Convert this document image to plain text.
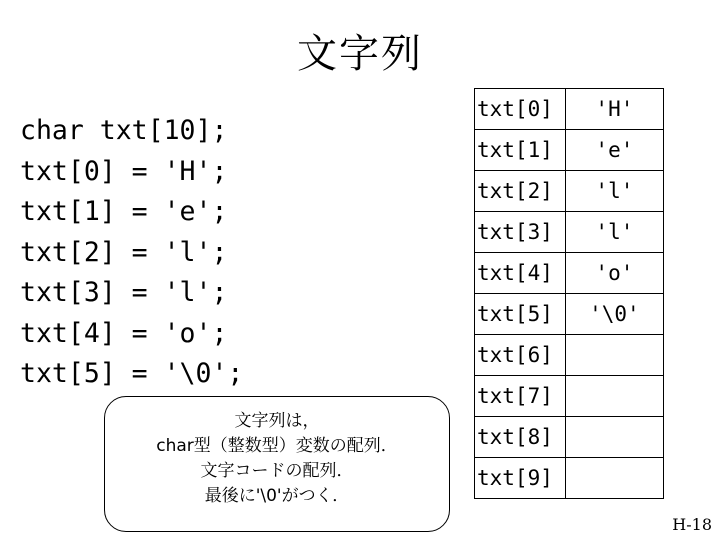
文字列
char txt[10];
txt[0] = 'H';
txt[1] = 'e';
txt[2] = 'l';
txt[3] = 'l';
txt[4] = 'o';
txt[5] = '\0';
txt[0]	'H'
txt[1]	'e'
txt[2]	'l'
txt[3]	'l'
txt[4]	'o'
txt[5]	'\0'
txt[6]	
txt[7]	
txt[8]	
txt[9]	
文字列は，
char型（整数型）変数の配列．
文字コードの配列．
最後に'\0'がつく．
H-18
